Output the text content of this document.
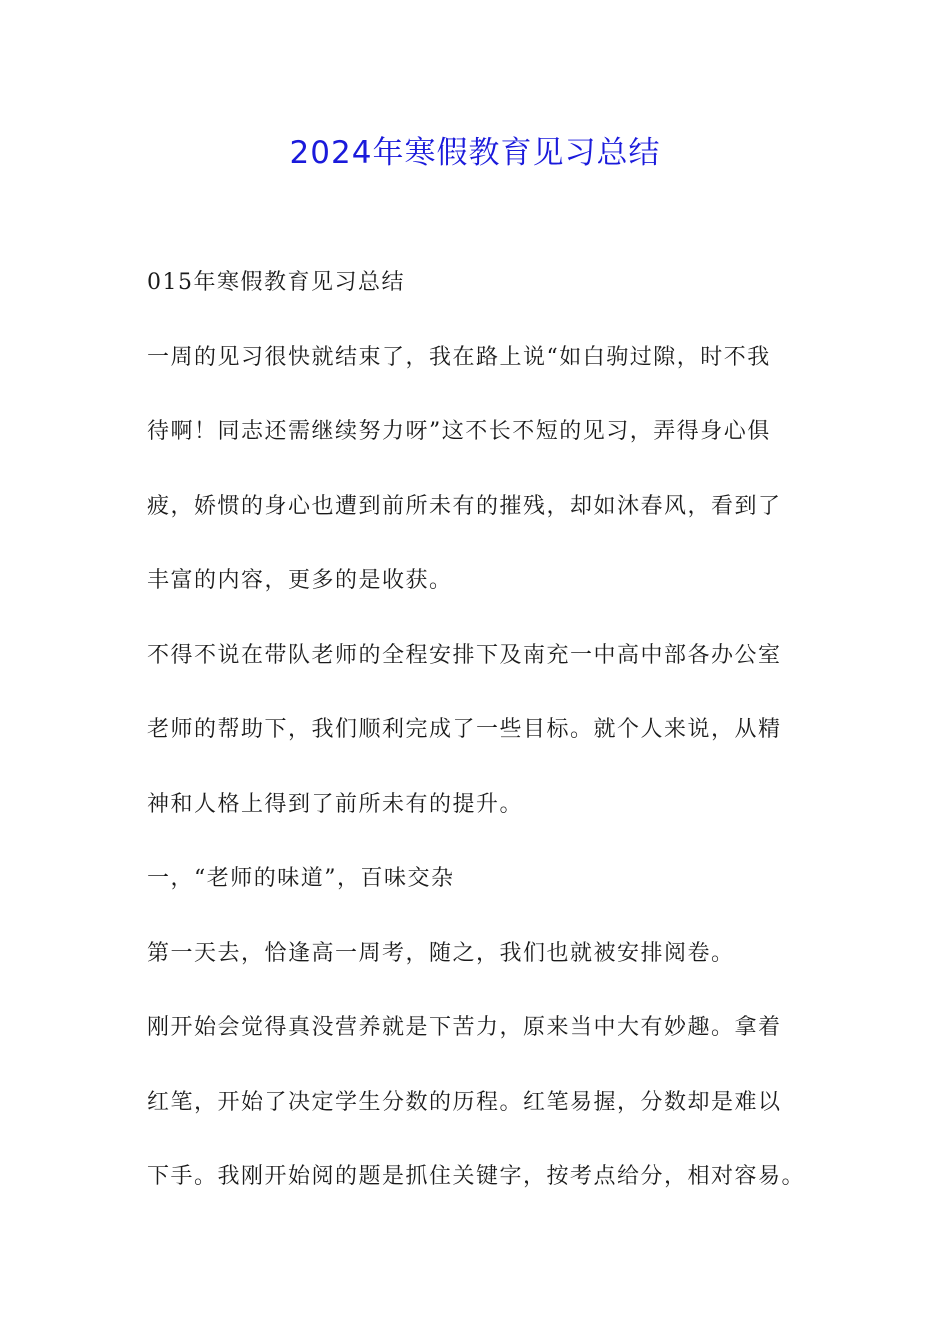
2024年寒假教育见习总结
015年寒假教育见习总结
一周的见习很快就结束了，我在路上说“如白驹过隙，时不我
待啊！同志还需继续努力呀”这不长不短的见习，弄得身心俱
疲，娇惯的身心也遭到前所未有的摧残，却如沐春风，看到了
丰富的内容，更多的是收获。
不得不说在带队老师的全程安排下及南充一中高中部各办公室
老师的帮助下，我们顺利完成了一些目标。就个人来说，从精
神和人格上得到了前所未有的提升。
一，“老师的味道”，百味交杂
第一天去，恰逢高一周考，随之，我们也就被安排阅卷。
刚开始会觉得真没营养就是下苦力，原来当中大有妙趣。拿着
红笔，开始了决定学生分数的历程。红笔易握，分数却是难以
下手。我刚开始阅的题是抓住关键字，按考点给分，相对容易。
